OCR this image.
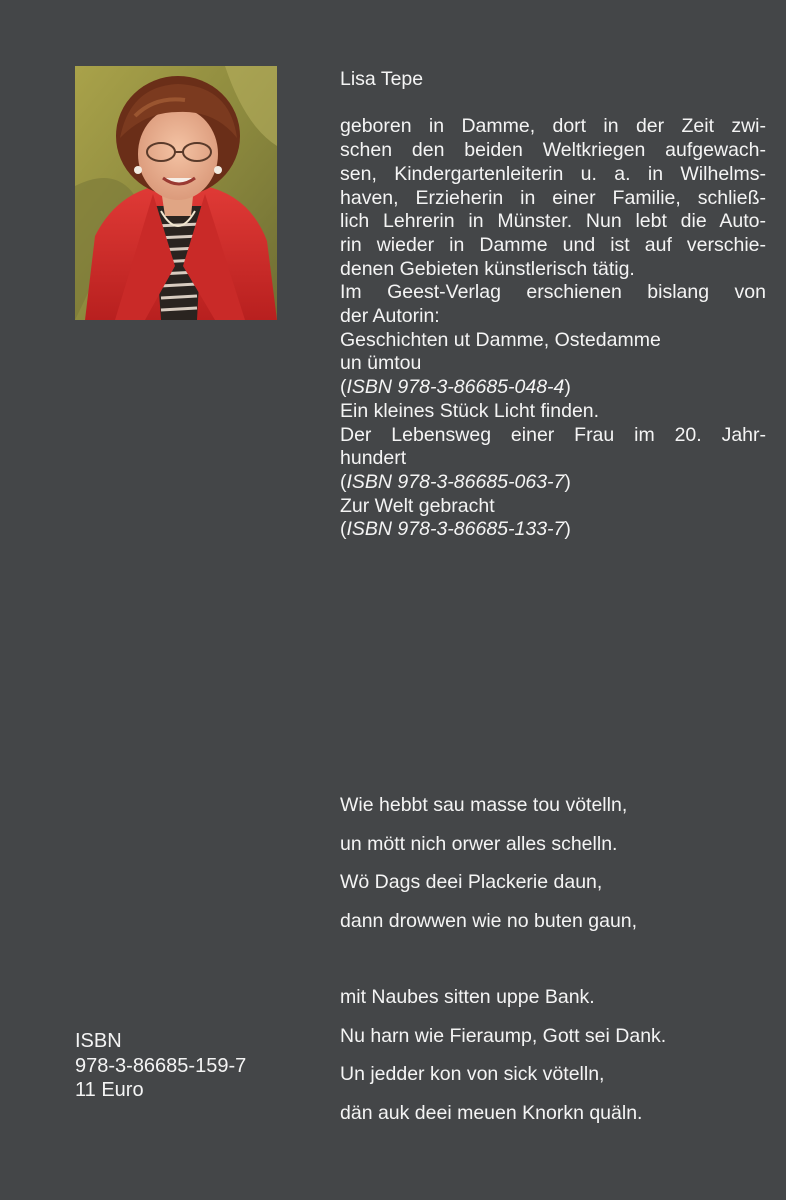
Lisa Tepe
geboren in Damme, dort in der Zeit zwi-
schen den beiden Weltkriegen aufgewach-
sen, Kindergartenleiterin u. a. in Wilhelms-
haven, Erzieherin in einer Familie, schließ-
lich Lehrerin in Münster. Nun lebt die Auto-
rin wieder in Damme und ist auf verschie-
denen Gebieten künstlerisch tätig.
Im Geest-Verlag erschienen bislang von
der Autorin:
Geschichten ut Damme, Ostedamme
un ümtou
(ISBN 978-3-86685-048-4)
Ein kleines Stück Licht finden.
Der Lebensweg einer Frau im 20. Jahr-
hundert
(ISBN 978-3-86685-063-7)
Zur Welt gebracht
(ISBN 978-3-86685-133-7)
Wie hebbt sau masse tou vötelln,
un mött nich orwer alles schelln.
Wö Dags deei Plackerie daun,
dann drowwen wie no buten gaun,
mit Naubes sitten uppe Bank.
Nu harn wie Fieraump, Gott sei Dank.
Un jedder kon von sick vötelln,
dän auk deei meuen Knorkn quäln.
ISBN
978-3-86685-159-7
11 Euro
